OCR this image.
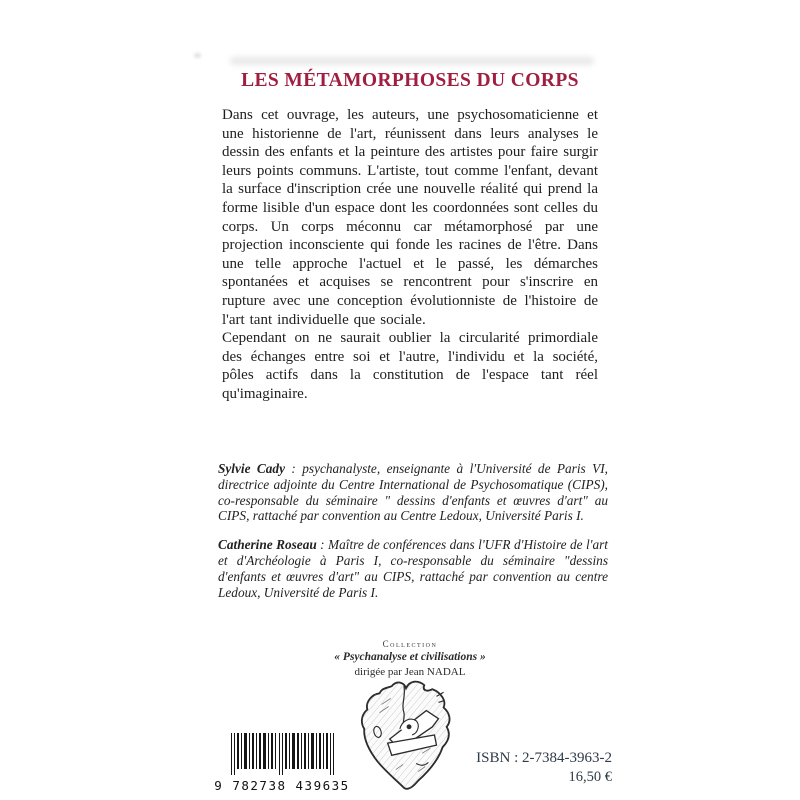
LES MÉTAMORPHOSES DU CORPS

Dans cet ouvrage, les auteurs, une psychosomaticienne et une historienne de l'art, réunissent dans leurs analyses le dessin des enfants et la peinture des artistes pour faire surgir leurs points communs. L'artiste, tout comme l'enfant, devant la surface d'inscription crée une nouvelle réalité qui prend la forme lisible d'un espace dont les coordonnées sont celles du corps. Un corps méconnu car métamorphosé par une projection inconsciente qui fonde les racines de l'être. Dans une telle approche l'actuel et le passé, les démarches spontanées et acquises se rencontrent pour s'inscrire en rupture avec une conception évolutionniste de l'histoire de l'art tant individuelle que sociale.

Cependant on ne saurait oublier la circularité primordiale des échanges entre soi et l'autre, l'individu et la société, pôles actifs dans la constitution de l'espace tant réel qu'imaginaire.

Sylvie Cady : psychanalyste, enseignante à l'Université de Paris VI, directrice adjointe du Centre International de Psychosomatique (CIPS), co-responsable du séminaire " dessins d'enfants et œuvres d'art" au CIPS, rattaché par convention au Centre Ledoux, Université Paris I.

Catherine Roseau : Maître de conférences dans l'UFR d'Histoire de l'art et d'Archéologie à Paris I, co-responsable du séminaire "dessins d'enfants et œuvres d'art" au CIPS, rattaché par convention au centre Ledoux, Université de Paris I.

Collection
« Psychanalyse et civilisations »
dirigée par Jean NADAL
9 782738 439635
ISBN : 2-7384-3963-2
16,50 €
